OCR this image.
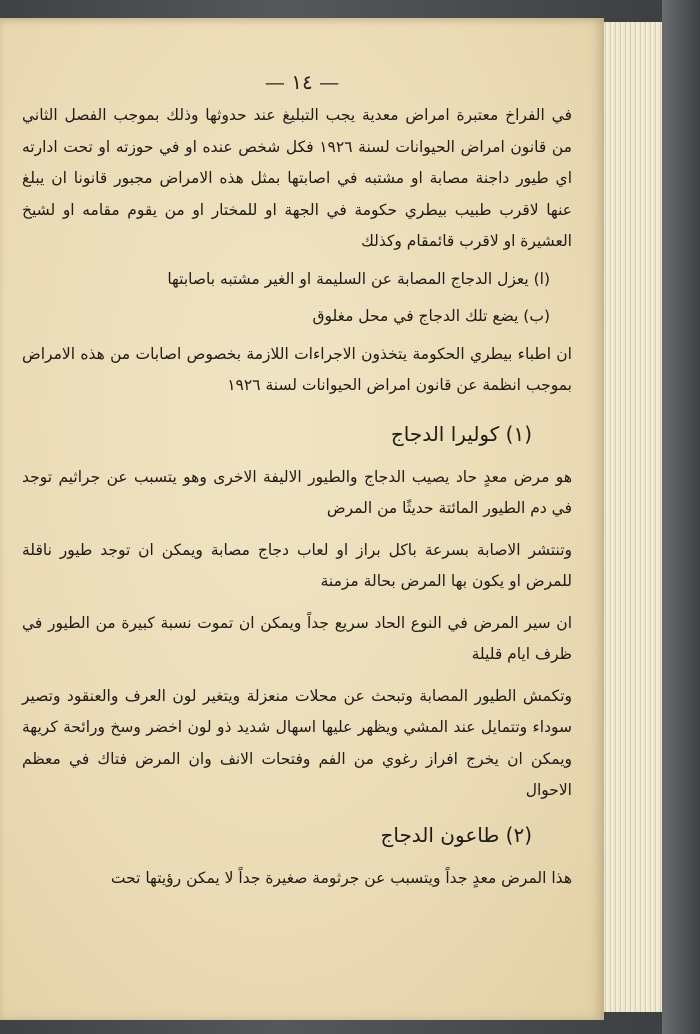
— ١٤ —

في الفراخ معتبرة امراض معدية يجب التبليغ عند حدوثها وذلك بموجب الفصل الثاني من قانون امراض الحيوانات لسنة ١٩٢٦ فكل شخص عنده او في حوزته او تحت ادارته اي طيور داجنة مصابة او مشتبه في اصابتها بمثل هذه الامراض مجبور قانونا ان يبلغ عنها لاقرب طبيب بيطري حكومة في الجهة او للمختار او من يقوم مقامه او لشيخ العشيرة او لاقرب قائمقام وكذلك

(ا) يعزل الدجاج المصابة عن السليمة او الغير مشتبه باصابتها

(ب) يضع تلك الدجاج في محل مغلوق

ان اطباء بيطري الحكومة يتخذون الاجراءات اللازمة بخصوص اصابات من هذه الامراض بموجب انظمة عن قانون امراض الحيوانات لسنة ١٩٢٦

(١) كوليرا الدجاج

هو مرض معدٍ حاد يصيب الدجاج والطيور الاليفة الاخرى وهو يتسبب عن جراثيم توجد في دم الطيور المائتة حديثًا من المرض

وتنتشر الاصابة بسرعة باكل براز او لعاب دجاج مصابة ويمكن ان توجد طيور ناقلة للمرض او يكون بها المرض بحالة مزمنة

ان سير المرض في النوع الحاد سريع جداً ويمكن ان تموت نسبة كبيرة من الطيور في ظرف ايام قليلة

وتكمش الطيور المصابة وتبحث عن محلات منعزلة ويتغير لون العرف والعنقود وتصير سوداء وتتمايل عند المشي ويظهر عليها اسهال شديد ذو لون اخضر وسخ ورائحة كريهة ويمكن ان يخرج افراز رغوي من الفم وفتحات الانف وان المرض فتاك في معظم الاحوال

(٢) طاعون الدجاج

هذا المرض معدٍ جداً ويتسبب عن جرثومة صغيرة جداً لا يمكن رؤيتها تحت
